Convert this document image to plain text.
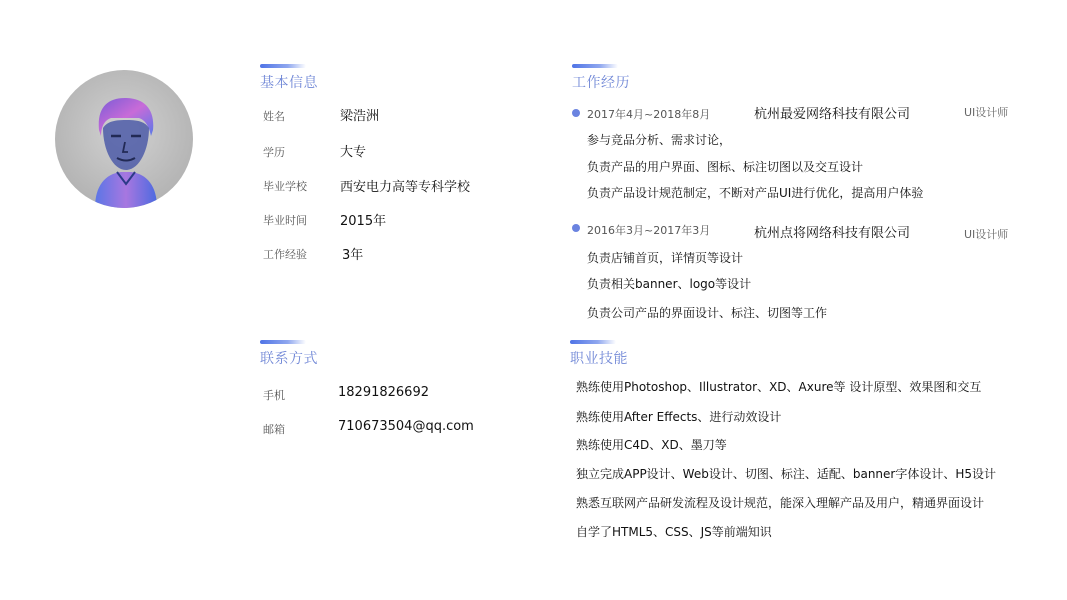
基本信息
姓名	梁浩洲
学历	大专
毕业学校	西安电力高等专科学校
毕业时间	2015年
工作经验	3年
联系方式
手机	18291826692
邮箱	710673504@qq.com
工作经历
2017年4月~2018年8月	杭州最爱网络科技有限公司	UI设计师
参与竞品分析、需求讨论，
负责产品的用户界面、图标、标注切图以及交互设计
负责产品设计规范制定，不断对产品UI进行优化，提高用户体验
2016年3月~2017年3月	杭州点将网络科技有限公司	UI设计师
负责店铺首页，详情页等设计
负责相关banner、logo等设计
负责公司产品的界面设计、标注、切图等工作
职业技能
熟练使用Photoshop、Illustrator、XD、Axure等 设计原型、效果图和交互
熟练使用After Effects、进行动效设计
熟练使用C4D、XD、墨刀等
独立完成APP设计、Web设计、切图、标注、适配、banner字体设计、H5设计
熟悉互联网产品研发流程及设计规范，能深入理解产品及用户，精通界面设计
自学了HTML5、CSS、JS等前端知识
